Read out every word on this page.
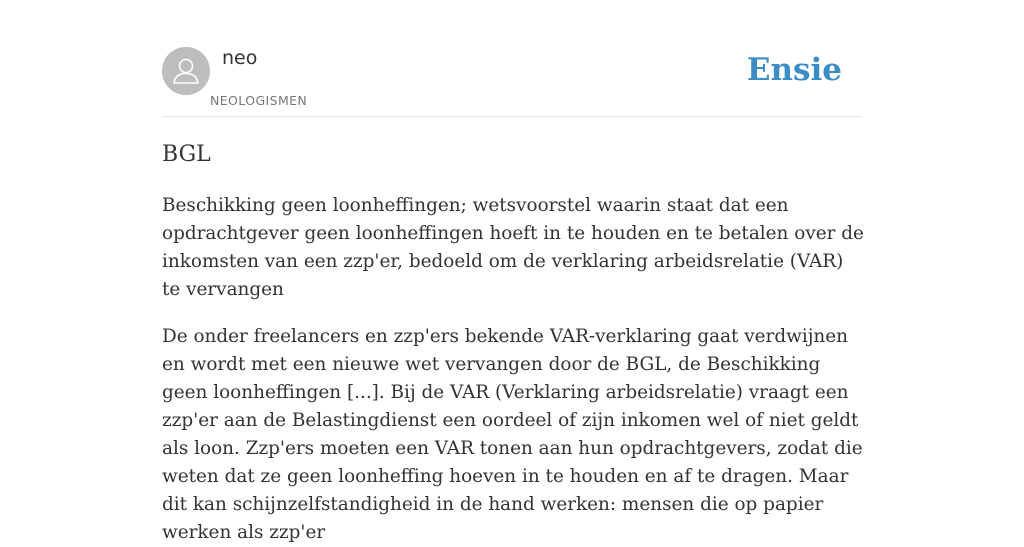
neo
NEOLOGISMEN
Ensie
BGL

Beschikking geen loonheffingen; wetsvoorstel waarin staat dat een opdrachtgever geen loonheffingen hoeft in te houden en te betalen over de inkomsten van een zzp'er, bedoeld om de verklaring arbeidsrelatie (VAR) te vervangen

De onder freelancers en zzp'ers bekende VAR-verklaring gaat verdwijnen en wordt met een nieuwe wet vervangen door de BGL, de Beschikking geen loonheffingen [...]. Bij de VAR (Verklaring arbeidsrelatie) vraagt een zzp'er aan de Belastingdienst een oordeel of zijn inkomen wel of niet geldt als loon. Zzp'ers moeten een VAR tonen aan hun opdrachtgevers, zodat die weten dat ze geen loonheffing hoeven in te houden en af te dragen. Maar dit kan schijnzelfstandigheid in de hand werken: mensen die op papier werken als zzp'er
